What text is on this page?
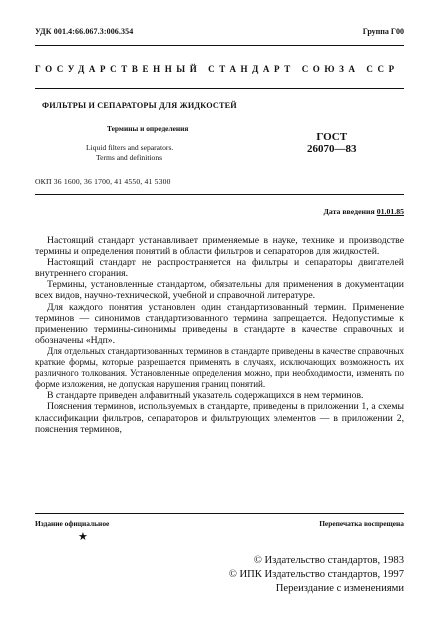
УДК 001.4:66.067.3:006.354	Группа Г00
ГОСУДАРСТВЕННЫЙ СТАНДАРТ СОЮЗА ССР
ФИЛЬТРЫ И СЕПАРАТОРЫ ДЛЯ ЖИДКОСТЕЙ
Термины и определения
Liquid filters and separators.
Terms and definitions
ГОСТ
26070—83
ОКП 36 1600, 36 1700, 41 4550, 41 5300
Дата введения 01.01.85

Настоящий стандарт устанавливает применяемые в науке, технике и производстве термины и определения понятий в области фильтров и сепараторов для жидкостей.

Настоящий стандарт не распространяется на фильтры и сепараторы двигателей внутреннего сгорания.

Термины, установленные стандартом, обязательны для применения в документации всех видов, научно-технической, учебной и справочной литературе.

Для каждого понятия установлен один стандартизованный термин. Применение терминов — синонимов стандартизованного термина запрещается. Недопустимые к применению термины-синонимы приведены в стандарте в качестве справочных и обозначены «Ндп».

Для отдельных стандартизованных терминов в стандарте приведены в качестве справочных краткие формы, которые разрешается применять в случаях, исключающих возможность их различного толкования. Установленные определения можно, при необходимости, изменять по форме изложения, не допуская нарушения границ понятий.

В стандарте приведен алфавитный указатель содержащихся в нем терминов.

Пояснения терминов, используемых в стандарте, приведены в приложении 1, а схемы классификации фильтров, сепараторов и фильтрующих элементов — в приложении 2, пояснения терминов,

Издание официальное	Перепечатка воспрещена
★
© Издательство стандартов, 1983
© ИПК Издательство стандартов, 1997
Переиздание с изменениями
